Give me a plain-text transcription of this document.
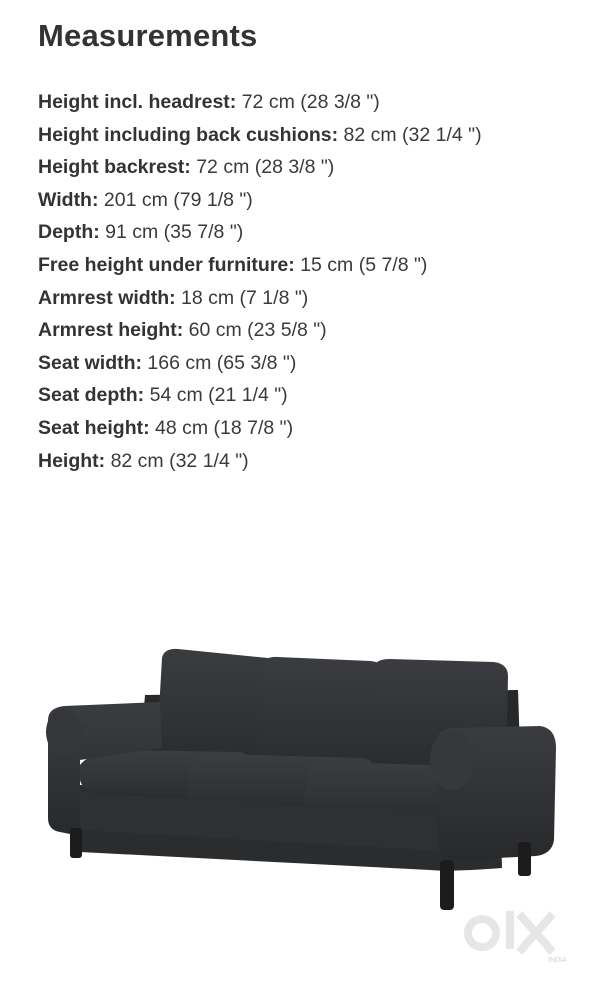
Measurements
Height incl. headrest: 72 cm (28 3/8 ")
Height including back cushions: 82 cm (32 1/4 ")
Height backrest: 72 cm (28 3/8 ")
Width: 201 cm (79 1/8 ")
Depth: 91 cm (35 7/8 ")
Free height under furniture: 15 cm (5 7/8 ")
Armrest width: 18 cm (7 1/8 ")
Armrest height: 60 cm (23 5/8 ")
Seat width: 166 cm (65 3/8 ")
Seat depth: 54 cm (21 1/4 ")
Seat height: 48 cm (18 7/8 ")
Height: 82 cm (32 1/4 ")
INDIA
